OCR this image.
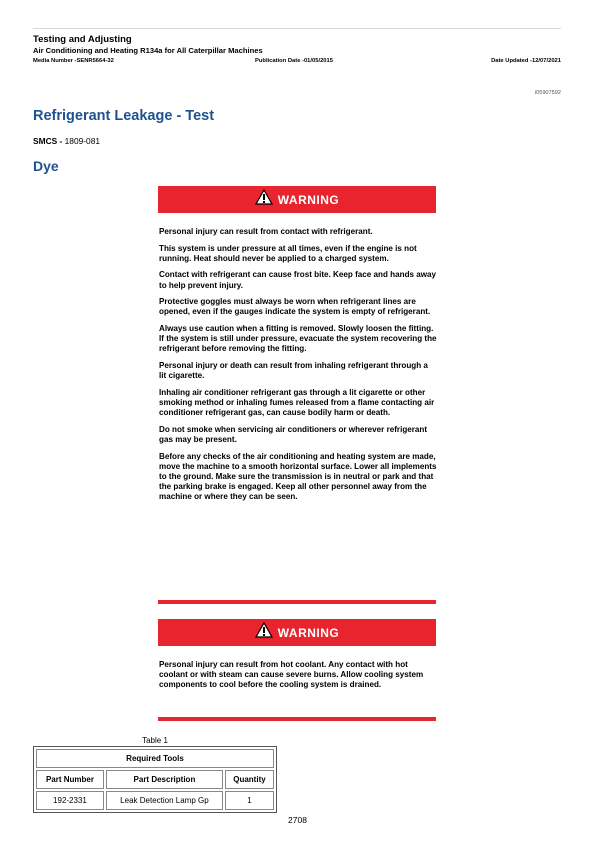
Testing and Adjusting
Air Conditioning and Heating R134a for All Caterpillar Machines
Media Number -SENR5664-32	Publication Date -01/05/2015	Date Updated -12/07/2021
i05907592
Refrigerant Leakage - Test
SMCS - 1809-081
Dye
WARNING

Personal injury can result from contact with refrigerant.

This system is under pressure at all times, even if the engine is not running. Heat should never be applied to a charged system.

Contact with refrigerant can cause frost bite. Keep face and hands away to help prevent injury.

Protective goggles must always be worn when refrigerant lines are opened, even if the gauges indicate the system is empty of refrigerant.

Always use caution when a fitting is removed. Slowly loosen the fitting. If the system is still under pressure, evacuate the system recovering the refrigerant before removing the fitting.

Personal injury or death can result from inhaling refrigerant through a lit cigarette.

Inhaling air conditioner refrigerant gas through a lit cigarette or other smoking method or inhaling fumes released from a flame contacting air conditioner refrigerant gas, can cause bodily harm or death.

Do not smoke when servicing air conditioners or wherever refrigerant gas may be present.

Before any checks of the air conditioning and heating system are made, move the machine to a smooth horizontal surface. Lower all implements to the ground. Make sure the transmission is in neutral or park and that the parking brake is engaged. Keep all other personnel away from the machine or where they can be seen.

WARNING

Personal injury can result from hot coolant. Any contact with hot coolant or with steam can cause severe burns. Allow cooling system components to cool before the cooling system is drained.

Table 1
Required Tools		
Part Number	Part Description	Quantity
192-2331	Leak Detection Lamp Gp	1
2708
